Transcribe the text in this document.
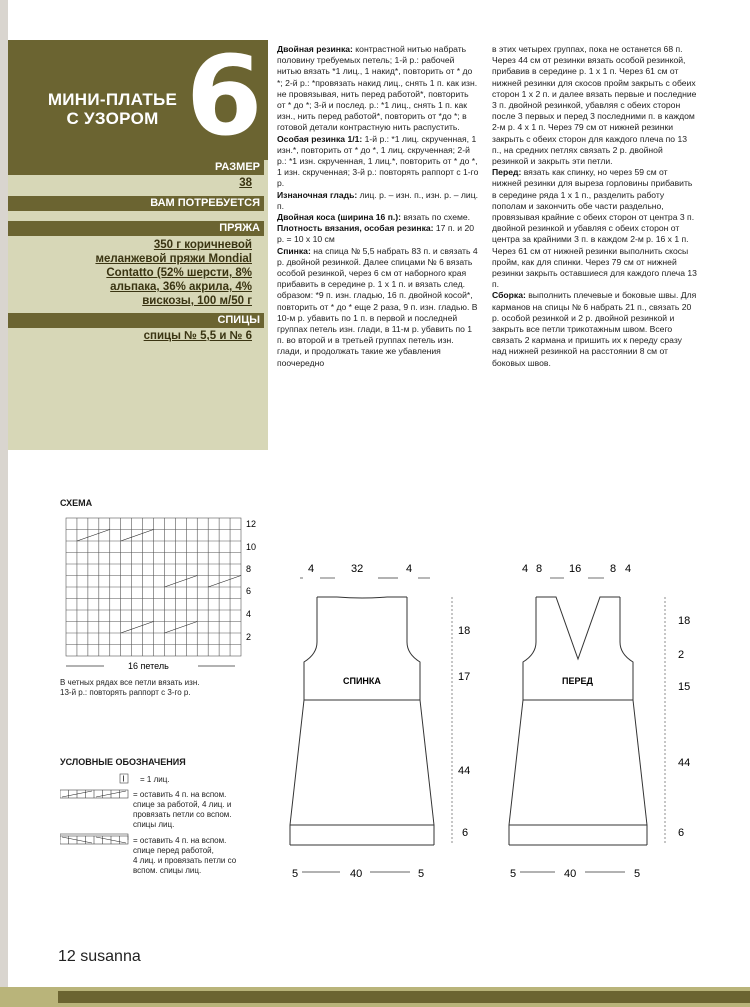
МИНИ-ПЛАТЬЕ
С УЗОРОМ 6
РАЗМЕР
38
ВАМ ПОТРЕБУЕТСЯ
ПРЯЖА
350 г коричневой
меланжевой пряжи Mondial
Contatto (52% шерсти, 8%
альпака, 36% акрила, 4%
вискозы, 100 м/50 г
СПИЦЫ
спицы № 5,5 и № 6

Двойная резинка: контрастной нитью набрать половину требуемых петель; 1-й р.: рабочей нитью вязать *1 лиц., 1 накид*, повторить от * до *; 2-й р.: *провязать накид лиц., снять 1 п. как изн. не провязывая, нить перед работой*, повторить от * до *; 3-й и послед. р.: *1 лиц., снять 1 п. как изн., нить перед работой*, повторить от *до *; в готовой детали контрастную нить распустить.

Особая резинка 1/1: 1-й р.: *1 лиц. скрученная, 1 изн.*, повторить от * до *, 1 лиц. скрученная; 2-й р.: *1 изн. скрученная, 1 лиц.*, повторить от * до *, 1 изн. скрученная; 3-й р.: повторять раппорт с 1-го р.

Изнаночная гладь: лиц. р. – изн. п., изн. р. – лиц. п.

Двойная коса (ширина 16 п.): вязать по схеме.

Плотность вязания, особая резинка: 17 п. и 20 р. = 10 х 10 см

Спинка: на спица № 5,5 набрать 83 п. и связать 4 р. двойной резинкой. Далее спицами № 6 вязать особой резинкой, через 6 см от наборного края прибавить в середине р. 1 х 1 п. и вязать след. образом: *9 п. изн. гладью, 16 п. двойной косой*, повторить от * до * еще 2 раза, 9 п. изн. гладью. В 10-м р. убавить по 1 п. в первой и последней группах петель изн. глади, в 11-м р. убавить по 1 п. во второй и в третьей группах петель изн. глади, и продолжать такие же убавления поочередно

в этих четырех группах, пока не останется 68 п. Через 44 см от резинки вязать особой резинкой, прибавив в середине р. 1 х 1 п. Через 61 см от нижней резинки для скосов пройм закрыть с обеих сторон 1 х 2 п. и далее вязать первые и последние 3 п. двойной резинкой, убавляя с обеих сторон после 3 первых и перед 3 последними п. в каждом 2-м р. 4 х 1 п. Через 79 см от нижней резинки закрыть с обеих сторон для каждого плеча по 13 п., на средних петлях связать 2 р. двойной резинкой и закрыть эти петли.

Перед: вязать как спинку, но через 59 см от нижней резинки для выреза горловины прибавить в середине ряда 1 х 1 п., разделить работу пополам и закончить обе части раздельно, провязывая крайние с обеих сторон от центра 3 п. двойной резинкой и убавляя с обеих сторон от центра за крайними 3 п. в каждом 2-м р. 16 х 1 п. Через 61 см от нижней резинки выполнить скосы пройм, как для спинки. Через 79 см от нижней резинки закрыть оставшиеся для каждого плеча 13 п.

Сборка: выполнить плечевые и боковые швы. Для карманов на спицы № 6 набрать 21 п., связать 20 р. особой резинкой и 2 р. двойной резинкой и закрыть все петли трикотажным швом. Всего связать 2 кармана и пришить их к переду сразу над нижней резинкой на расстоянии 8 см от боковых швов.

СХЕМА
12
10
8
6
4
2
16 петель
В четных рядах все петли вязать изн.
13-й р.: повторять раппорт с 3-го р.
УСЛОВНЫЕ ОБОЗНАЧЕНИЯ
I = 1 лиц.
= оставить 4 п. на вспом.
спице за работой, 4 лиц. и
провязать петли со вспом.
спицы лиц.
= оставить 4 п. на вспом.
спице перед работой,
4 лиц. и провязать петли со
вспом. спицы лиц.
4	32	4
СПИНКА
18
17
44
6
5	40	5
4 8 16	8 4
ПЕРЕД
18
2
15
44
6
5	40	5
12 susanna
